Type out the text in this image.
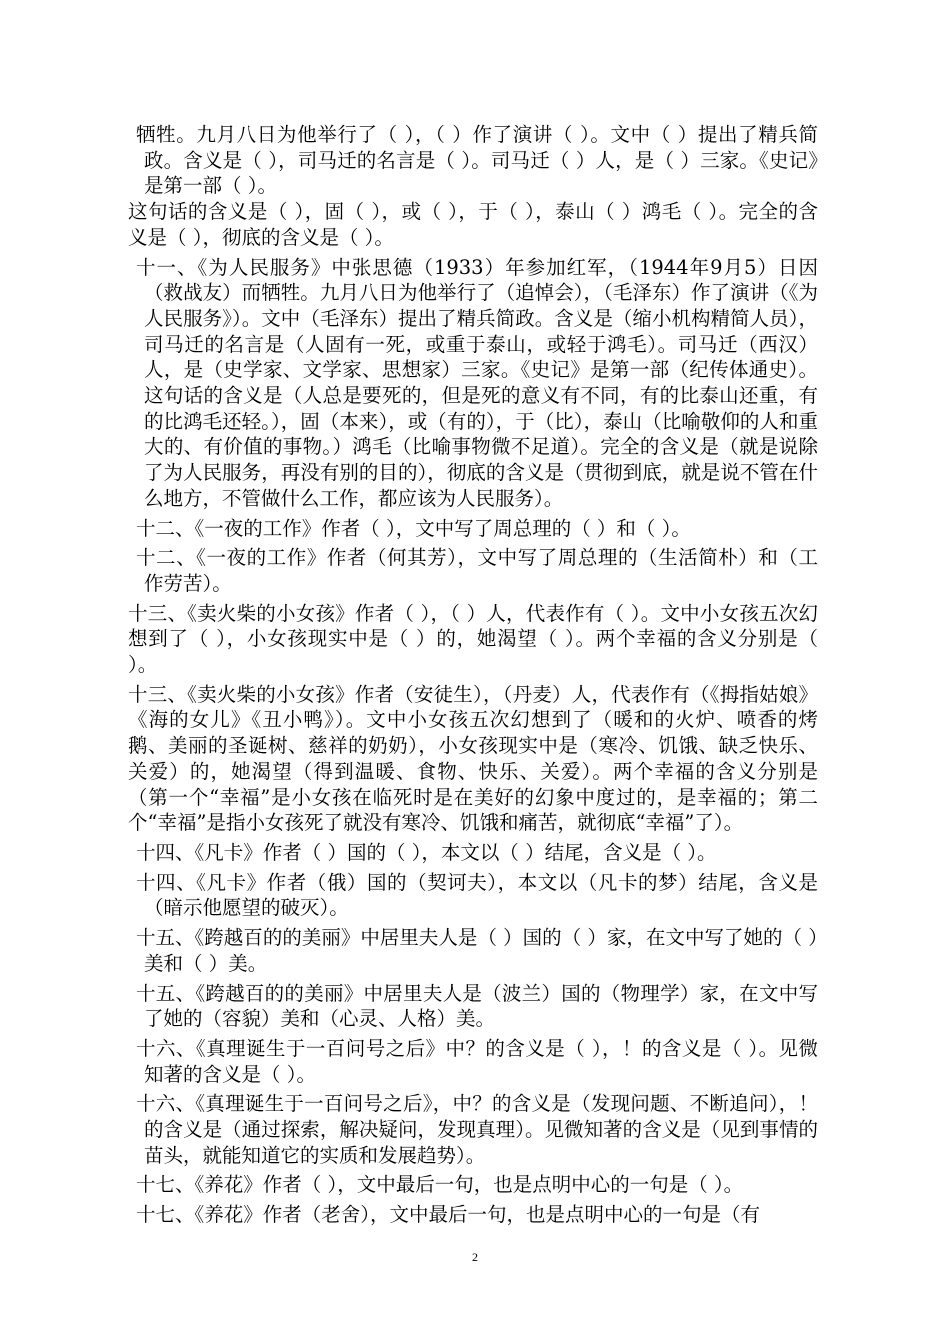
牺牲。九月八日为他举行了（ ），（ ）作了演讲（ ）。文中（ ）提出了精兵简政。含义是（ ），司马迁的名言是（ ）。司马迁（ ）人，是（ ）三家。《史记》是第一部（ ）。

这句话的含义是（ ），固（ ），或（ ），于（ ），泰山（ ）鸿毛（ ）。完全的含义是（ ），彻底的含义是（ ）。

十一、《为人民服务》中张思德（1933）年参加红军，（1944年9月5）日因（救战友）而牺牲。九月八日为他举行了（追悼会），（毛泽东）作了演讲（《为人民服务》）。文中（毛泽东）提出了精兵简政。含义是（缩小机构精简人员），司马迁的名言是（人固有一死，或重于泰山，或轻于鸿毛）。司马迁（西汉）人，是（史学家、文学家、思想家）三家。《史记》是第一部（纪传体通史）。这句话的含义是（人总是要死的，但是死的意义有不同，有的比泰山还重，有的比鸿毛还轻。），固（本来），或（有的），于（比），泰山（比喻敬仰的人和重大的、有价值的事物。）鸿毛（比喻事物微不足道）。完全的含义是（就是说除了为人民服务，再没有别的目的），彻底的含义是（贯彻到底，就是说不管在什么地方，不管做什么工作，都应该为人民服务）。

十二、《一夜的工作》作者（ ），文中写了周总理的（ ）和（ ）。

十二、《一夜的工作》作者（何其芳），文中写了周总理的（生活简朴）和（工作劳苦）。

十三、《卖火柴的小女孩》作者（ ），（ ）人，代表作有（ ）。文中小女孩五次幻想到了（ ），小女孩现实中是（ ）的，她渴望（ ）。两个幸福的含义分别是（ ）。

十三、《卖火柴的小女孩》作者（安徒生），（丹麦）人，代表作有（《拇指姑娘》《海的女儿》《丑小鸭》）。文中小女孩五次幻想到了（暖和的火炉、喷香的烤鹅、美丽的圣诞树、慈祥的奶奶），小女孩现实中是（寒冷、饥饿、缺乏快乐、关爱）的，她渴望（得到温暖、食物、快乐、关爱）。两个幸福的含义分别是（第一个“幸福”是小女孩在临死时是在美好的幻象中度过的，是幸福的；第二个“幸福”是指小女孩死了就没有寒冷、饥饿和痛苦，就彻底“幸福”了）。

十四、《凡卡》作者（ ）国的（ ），本文以（ ）结尾，含义是（ ）。

十四、《凡卡》作者（俄）国的（契诃夫），本文以（凡卡的梦）结尾，含义是（暗示他愿望的破灭）。

十五、《跨越百的的美丽》中居里夫人是（ ）国的（ ）家，在文中写了她的（ ）美和（ ）美。

十五、《跨越百的的美丽》中居里夫人是（波兰）国的（物理学）家，在文中写了她的（容貌）美和（心灵、人格）美。

十六、《真理诞生于一百问号之后》中？的含义是（ ），！的含义是（ ）。见微知著的含义是（ ）。

十六、《真理诞生于一百问号之后》，中？的含义是（发现问题、不断追问），！的含义是（通过探索，解决疑问，发现真理）。见微知著的含义是（见到事情的苗头，就能知道它的实质和发展趋势）。

十七、《养花》作者（ ），文中最后一句，也是点明中心的一句是（ ）。

十七、《养花》作者（老舍），文中最后一句，也是点明中心的一句是（有

2
